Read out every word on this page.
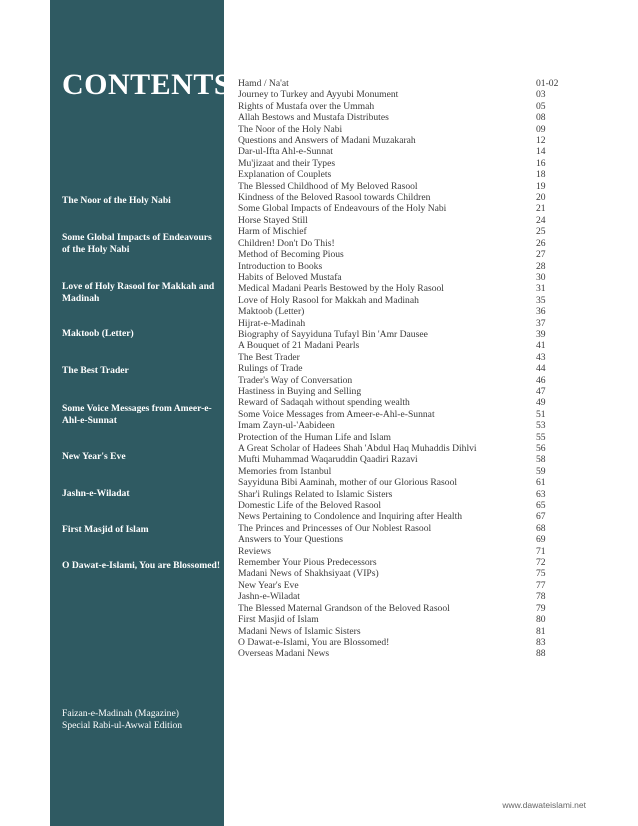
CONTENTS
The Noor of the Holy Nabi
Some Global Impacts of Endeavours of the Holy Nabi
Love of Holy Rasool for Makkah and Madinah
Maktoob (Letter)
The Best Trader
Some Voice Messages from Ameer-e-Ahl-e-Sunnat
New Year's Eve
Jashn-e-Wiladat
First Masjid of Islam
O Dawat-e-Islami, You are Blossomed!
Faizan-e-Madinah (Magazine)
Special Rabi-ul-Awwal Edition
Hamd / Na'at	01-02
Journey to Turkey and Ayyubi Monument	03
Rights of Mustafa over the Ummah	05
Allah Bestows and Mustafa Distributes	08
The Noor of the Holy Nabi	09
Questions and Answers of Madani Muzakarah	12
Dar-ul-Ifta Ahl-e-Sunnat	14
Mu'jizaat and their Types	16
Explanation of Couplets	18
The Blessed Childhood of My Beloved Rasool	19
Kindness of the Beloved Rasool towards Children	20
Some Global Impacts of Endeavours of the Holy Nabi	21
Horse Stayed Still	24
Harm of Mischief	25
Children! Don't Do This!	26
Method of Becoming Pious	27
Introduction to Books	28
Habits of Beloved Mustafa	30
Medical Madani Pearls Bestowed by the Holy Rasool	31
Love of Holy Rasool for Makkah and Madinah	35
Maktoob (Letter)	36
Hijrat-e-Madinah	37
Biography of Sayyiduna Tufayl Bin 'Amr Dausee	39
A Bouquet of 21 Madani Pearls	41
The Best Trader	43
Rulings of Trade	44
Trader's Way of Conversation	46
Hastiness in Buying and Selling	47
Reward of Sadaqah without spending wealth	49
Some Voice Messages from Ameer-e-Ahl-e-Sunnat	51
Imam Zayn-ul-'Aabideen	53
Protection of the Human Life and Islam	55
A Great Scholar of Hadees Shah 'Abdul Haq Muhaddis Dihlvi	56
Mufti Muhammad Waqaruddin Qaadiri Razavi	58
Memories from Istanbul	59
Sayyiduna Bibi Aaminah, mother of our Glorious Rasool	61
Shar'i Rulings Related to Islamic Sisters	63
Domestic Life of the Beloved Rasool	65
News Pertaining to Condolence and Inquiring after Health	67
The Princes and Princesses of Our Noblest Rasool	68
Answers to Your Questions	69
Reviews	71
Remember Your Pious Predecessors	72
Madani News of Shakhsiyaat (VIPs)	75
New Year's Eve	77
Jashn-e-Wiladat	78
The Blessed Maternal Grandson of the Beloved Rasool	79
First Masjid of Islam	80
Madani News of Islamic Sisters	81
O Dawat-e-Islami, You are Blossomed!	83
Overseas Madani News	88
www.dawateislami.net
